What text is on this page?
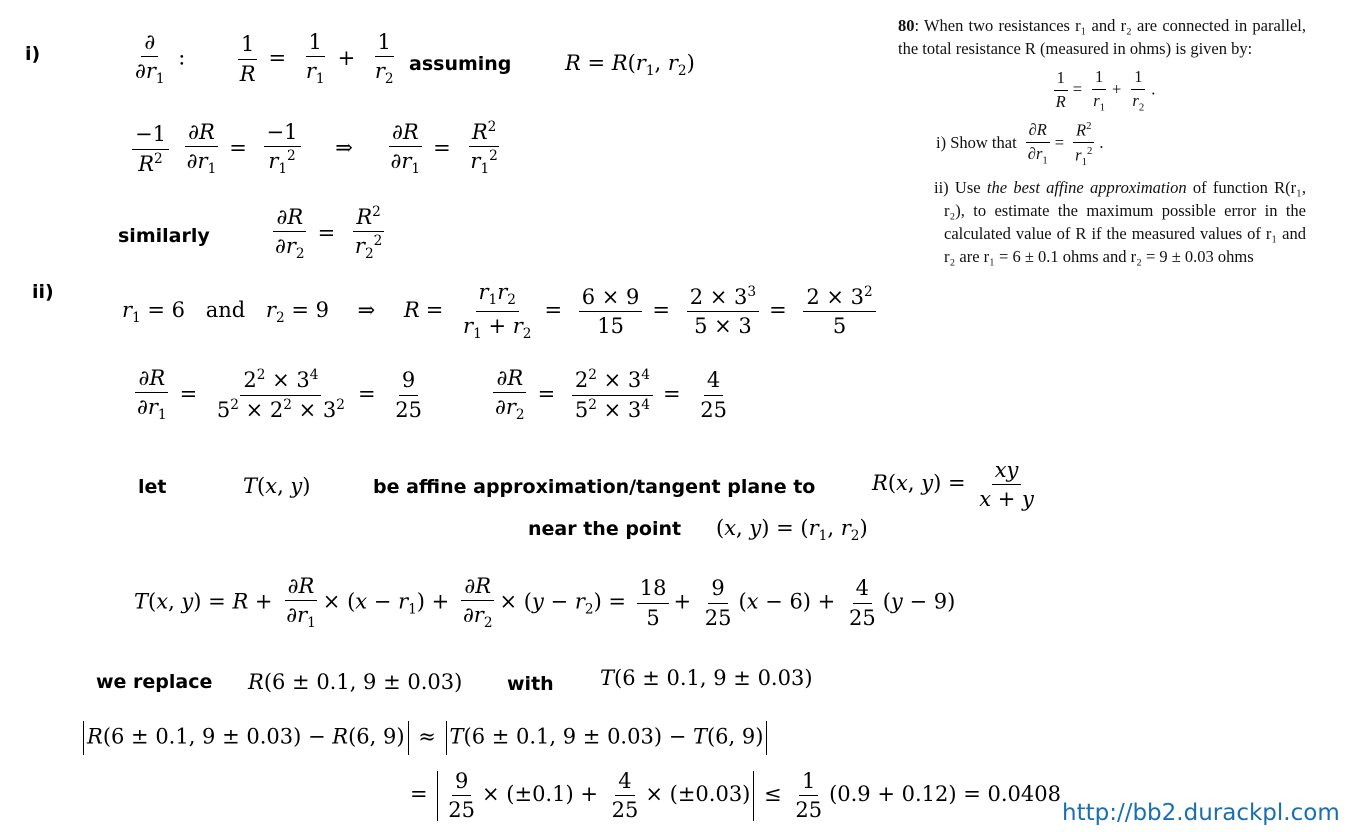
80: When two resistances r₁ and r₂ are connected in parallel, the total resistance R (measured in ohms) is given by:
$\frac{1}{R} = \frac{1}{r_1} + \frac{1}{r_2}$ .
i) Show that $\frac{\partial R}{\partial r_1} = \frac{R^2}{r_1^2}$ .
ii) Use the best affine approximation of function R(r₁, r₂), to estimate the maximum possible error in the calculated value of R if the measured values of r₁ and r₂ are r₁ = 6 ± 0.1 ohms and r₂ = 9 ± 0.03 ohms
i)	$\frac{\partial}{\partial r_1}$ : $\frac{1}{R} = \frac{1}{r_1} + \frac{1}{r_2}$ assuming	$R = R(r_1$, $r_2$)
$\frac{-1}{R^2}$
$\frac{\partial R}{\partial r_1} = \frac{-1}{r_1^2}$ ⇒ $\frac{\partial R}{\partial r_1} = \frac{R^2}{r_1^2}$
similarly	$\frac{\partial R}{\partial r_2} = \frac{R^2}{r_2^2}$
ii)
$r_1 = 6$ and $r_2 = 9$ ⇒ $R = \frac{r_1r_2}{r_1 + r_2} = \frac{6 \times 9}{15} = \frac{2 \times 3^3}{5 \times 3} = \frac{2 \times 3^2}{5}$
$\frac{\partial R}{\partial r_1} = \frac{2^2 \times 3^4}{5^2 \times 2^2 \times 3^2} = \frac{9}{25}$	$\frac{\partial R}{\partial r_2} = \frac{2^2 \times 3^4}{5^2 \times 3^4} = \frac{4}{25}$
let	T(x, y)	be affine approximation/tangent plane to	R(x, $y) = \frac{xy}{x + y}$
near the point (x, $y) = (r_1$, $r_2$)
T(x, $y) = R + \frac{\partial R}{\partial r_1} \times (x - r_1) + \frac{\partial R}{\partial r_2} \times (y - r_2) = \frac{18}{5} + \frac{9}{25} (x - 6) + \frac{4}{25} (y - 9)$
we replace R(6 ± 0.1, 9 ± 0.03) with T(6 ± 0.1, 9 ± 0.03)
R(6 ± 0.1, 9 ± 0.03) − R(6, 9) ≈ T(6 ± 0.1, 9 ± 0.03) − T(6, 9)
= $\frac{9}{25} \times (\pm 0.1) + \frac{4}{25} \times (\pm 0.03) \le \frac{1}{25} (0.9 + 0.12) = 0.0408$
http://bb2.durackpl.com
